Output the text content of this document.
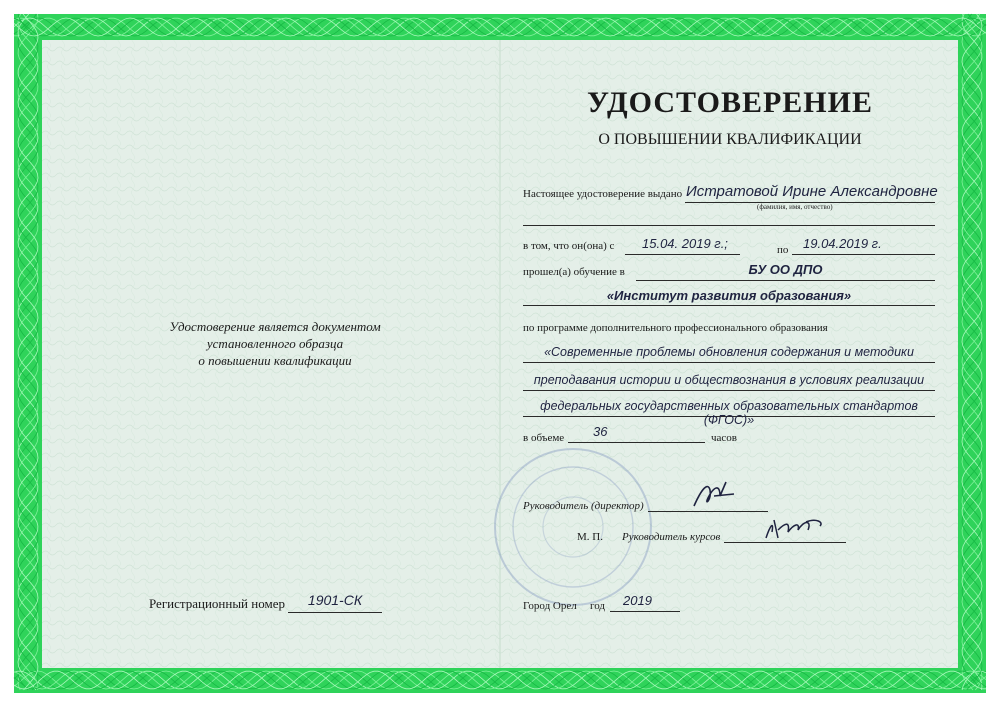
Удостоверение является документом
установленного образца
о повышении квалификации
Регистрационный номер	1901-СК
УДОСТОВЕРЕНИЕ
О ПОВЫШЕНИИ КВАЛИФИКАЦИИ
Настоящее удостоверение выдано Истратовой Ирине Александровне
(фамилия, имя, отчество)
в том, что он(она) с 15.04. 2019 г.;	по 19.04.2019 г.
прошел(а) обучение в	БУ ОО ДПО
«Институт развития образования»
по программе дополнительного профессионального образования
«Современные проблемы обновления содержания и методики
преподавания истории и обществознания в условиях реализации
федеральных государственных образовательных стандартов (ФГОС)»
в объеме 36	часов
Руководитель (директор)
М. П. Руководитель курсов
Город Орел год 2019
